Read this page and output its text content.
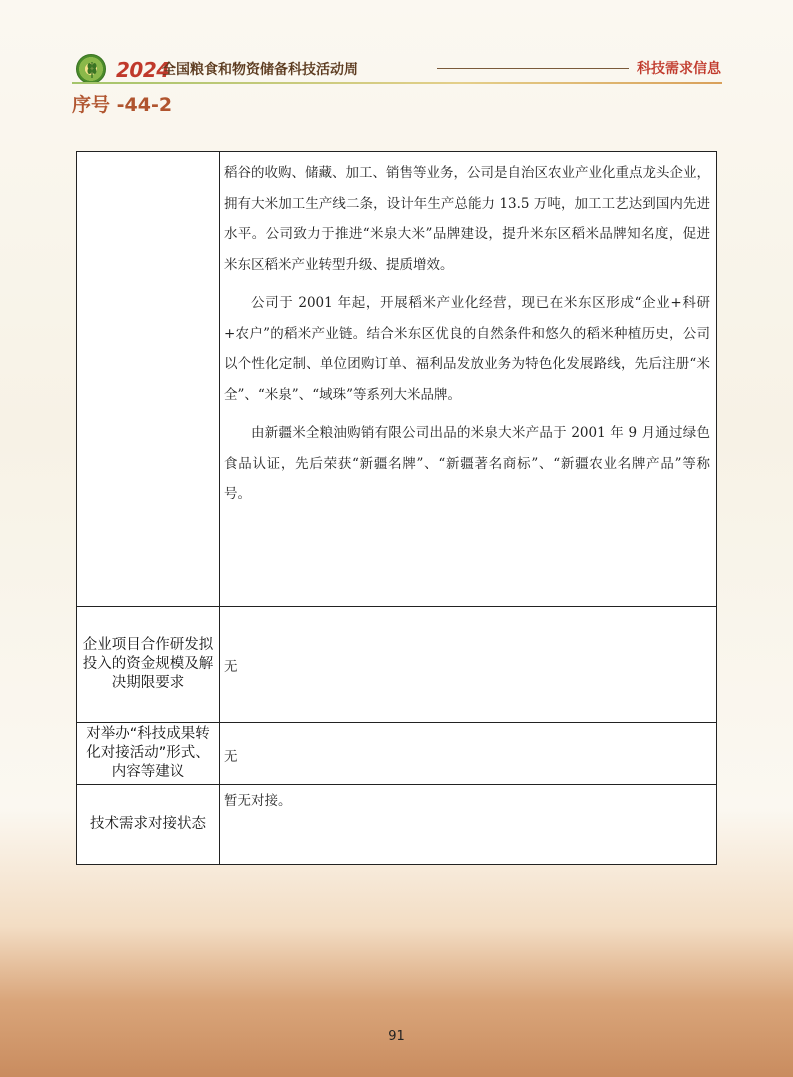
2024
全国粮食和物资储备科技活动周	科技需求信息
序号 -44-2

稻谷的收购、储藏、加工、销售等业务，公司是自治区农业产业化重点龙头企业，拥有大米加工生产线二条，设计年生产总能力 13.5 万吨，加工工艺达到国内先进水平。公司致力于推进“米泉大米”品牌建设，提升米东区稻米品牌知名度，促进米东区稻米产业转型升级、提质增效。

公司于 2001 年起，开展稻米产业化经营，现已在米东区形成“企业+科研+农户”的稻米产业链。结合米东区优良的自然条件和悠久的稻米种植历史，公司以个性化定制、单位团购订单、福利品发放业务为特色化发展路线，先后注册“米全”、“米泉”、“域珠”等系列大米品牌。

由新疆米全粮油购销有限公司出品的米泉大米产品于 2001 年 9 月通过绿色食品认证，先后荣获“新疆名牌”、“新疆著名商标”、“新疆农业名牌产品”等称号。

企业项目合作研发拟投入的资金规模及解决期限要求
无
对举办“科技成果转化对接活动”形式、内容等建议
无
技术需求对接状态
暂无对接。
91
